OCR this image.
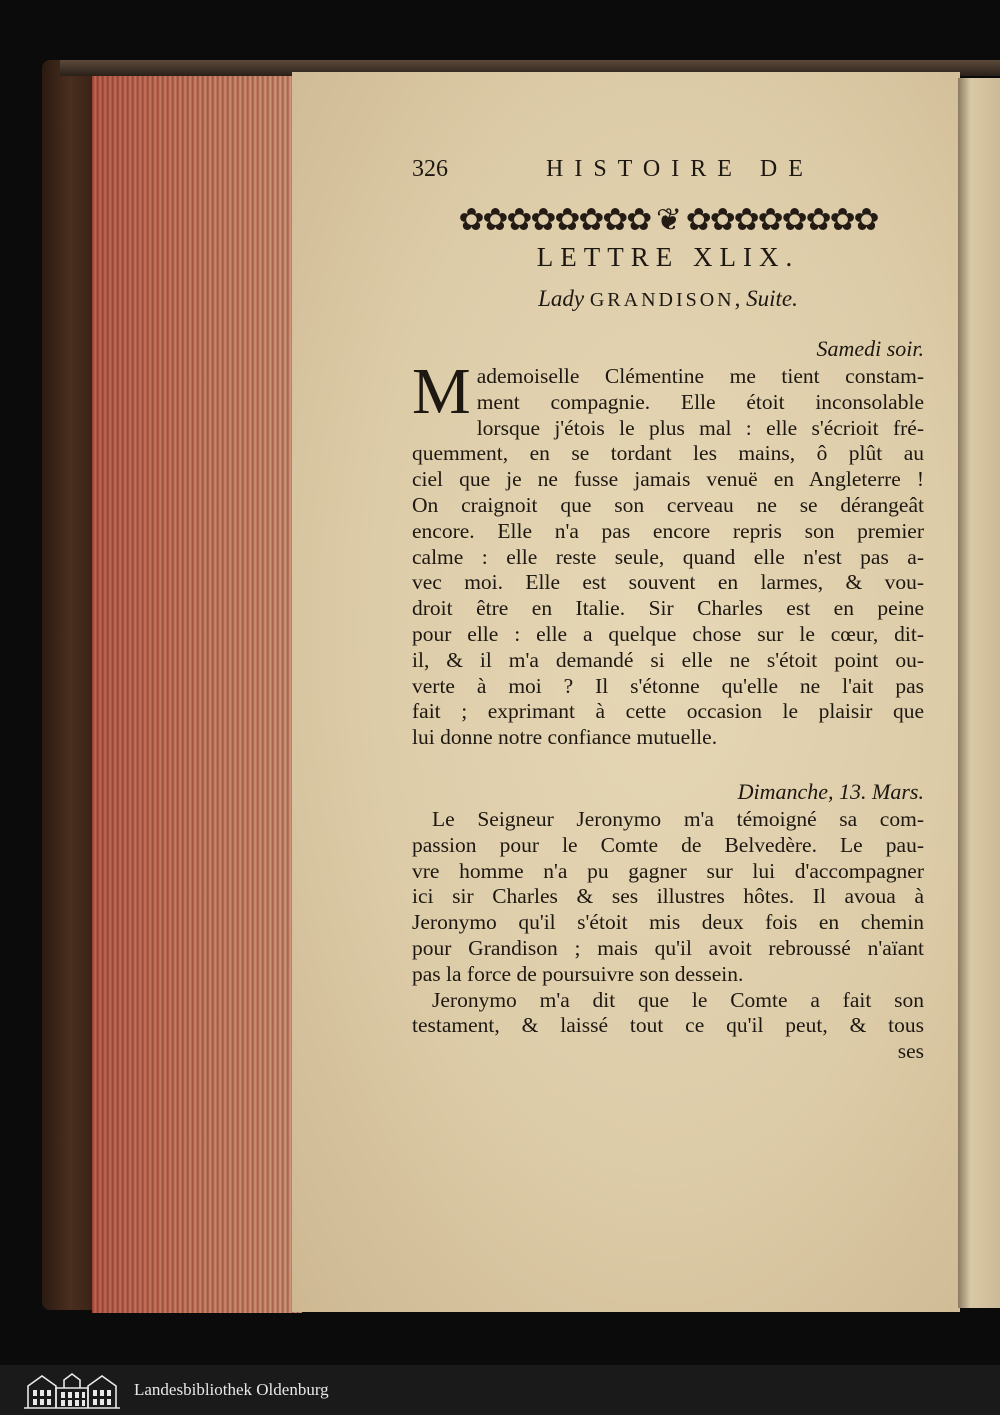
326	HISTOIRE DE
✿✿✿✿✿✿✿✿ ❦ ✿✿✿✿✿✿✿✿
LETTRE XLIX.
Lady GRANDISON, Suite.
Samedi soir.
M ademoiselle Clémentine me tient constam-
ment compagnie. Elle étoit inconsolable
lorsque j'étois le plus mal : elle s'écrioit fré-
quemment, en se tordant les mains, ô plût au
ciel que je ne fusse jamais venuë en Angleterre !
On craignoit que son cerveau ne se dérangeât
encore. Elle n'a pas encore repris son premier
calme : elle reste seule, quand elle n'est pas a-
vec moi. Elle est souvent en larmes, & vou-
droit être en Italie. Sir Charles est en peine
pour elle : elle a quelque chose sur le cœur, dit-
il, & il m'a demandé si elle ne s'étoit point ou-
verte à moi ? Il s'étonne qu'elle ne l'ait pas
fait ; exprimant à cette occasion le plaisir que
lui donne notre confiance mutuelle.
Dimanche, 13. Mars.
Le Seigneur Jeronymo m'a témoigné sa com-
passion pour le Comte de Belvedère. Le pau-
vre homme n'a pu gagner sur lui d'accompagner
ici sir Charles & ses illustres hôtes. Il avoua à
Jeronymo qu'il s'étoit mis deux fois en chemin
pour Grandison ; mais qu'il avoit rebroussé n'aïant
pas la force de poursuivre son dessein.
Jeronymo m'a dit que le Comte a fait son
testament, & laissé tout ce qu'il peut, & tous
ses
Landesbibliothek Oldenburg
